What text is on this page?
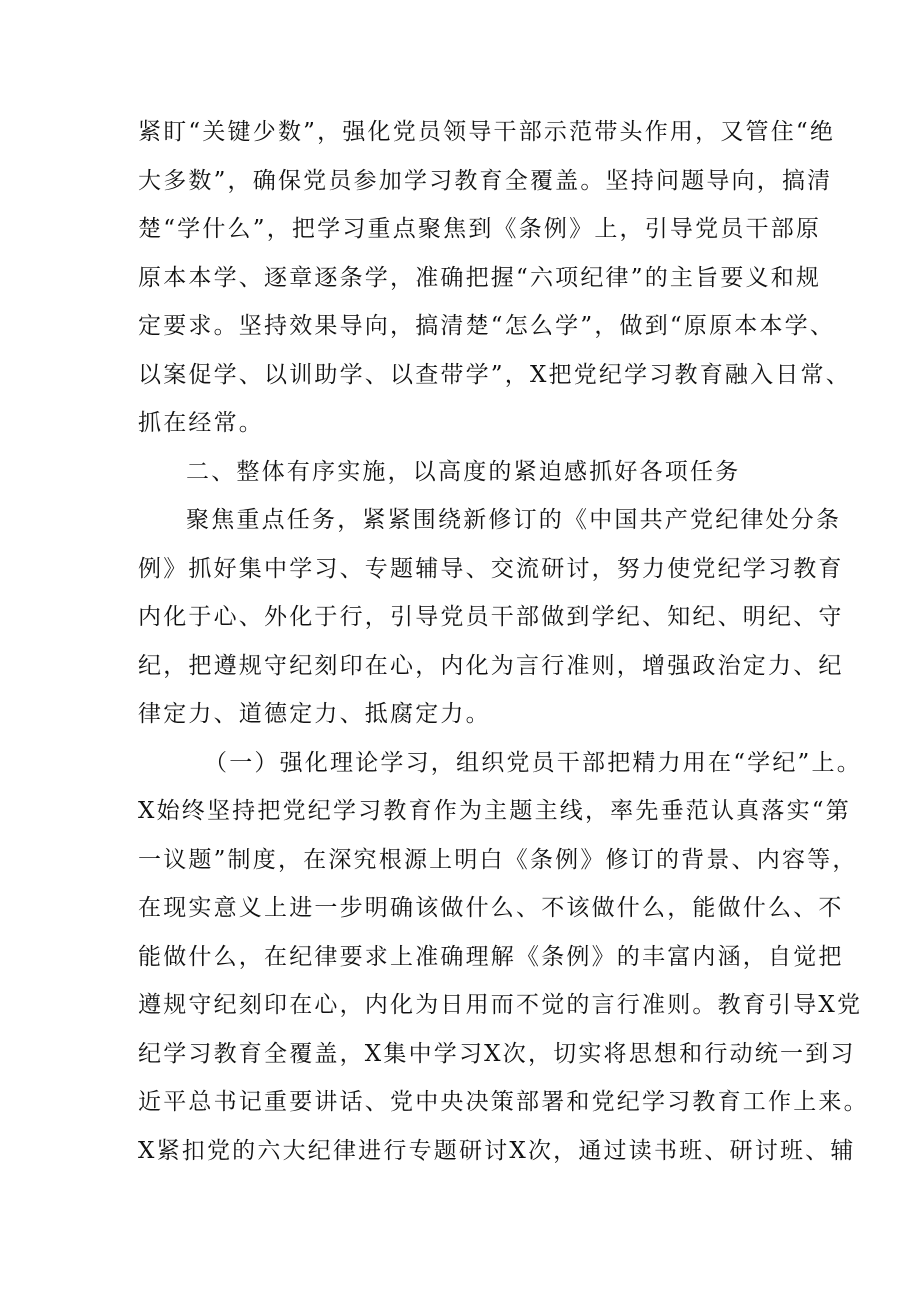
紧盯“关键少数”，强化党员领导干部示范带头作用，又管住“绝
大多数”，确保党员参加学习教育全覆盖。坚持问题导向，搞清
楚“学什么”，把学习重点聚焦到《条例》上，引导党员干部原
原本本学、逐章逐条学，准确把握“六项纪律”的主旨要义和规
定要求。坚持效果导向，搞清楚“怎么学”，做到“原原本本学、
以案促学、以训助学、以查带学”，X把党纪学习教育融入日常、
抓在经常。
二、整体有序实施，以高度的紧迫感抓好各项任务
聚焦重点任务，紧紧围绕新修订的《中国共产党纪律处分条
例》抓好集中学习、专题辅导、交流研讨，努力使党纪学习教育
内化于心、外化于行，引导党员干部做到学纪、知纪、明纪、守
纪，把遵规守纪刻印在心，内化为言行准则，增强政治定力、纪
律定力、道德定力、抵腐定力。
（一）强化理论学习，组织党员干部把精力用在“学纪”上。
X始终坚持把党纪学习教育作为主题主线，率先垂范认真落实“第
一议题”制度，在深究根源上明白《条例》修订的背景、内容等，
在现实意义上进一步明确该做什么、不该做什么，能做什么、不
能做什么，在纪律要求上准确理解《条例》的丰富内涵，自觉把
遵规守纪刻印在心，内化为日用而不觉的言行准则。教育引导X党
纪学习教育全覆盖，X集中学习X次，切实将思想和行动统一到习
近平总书记重要讲话、党中央决策部署和党纪学习教育工作上来。
X紧扣党的六大纪律进行专题研讨X次，通过读书班、研讨班、辅
